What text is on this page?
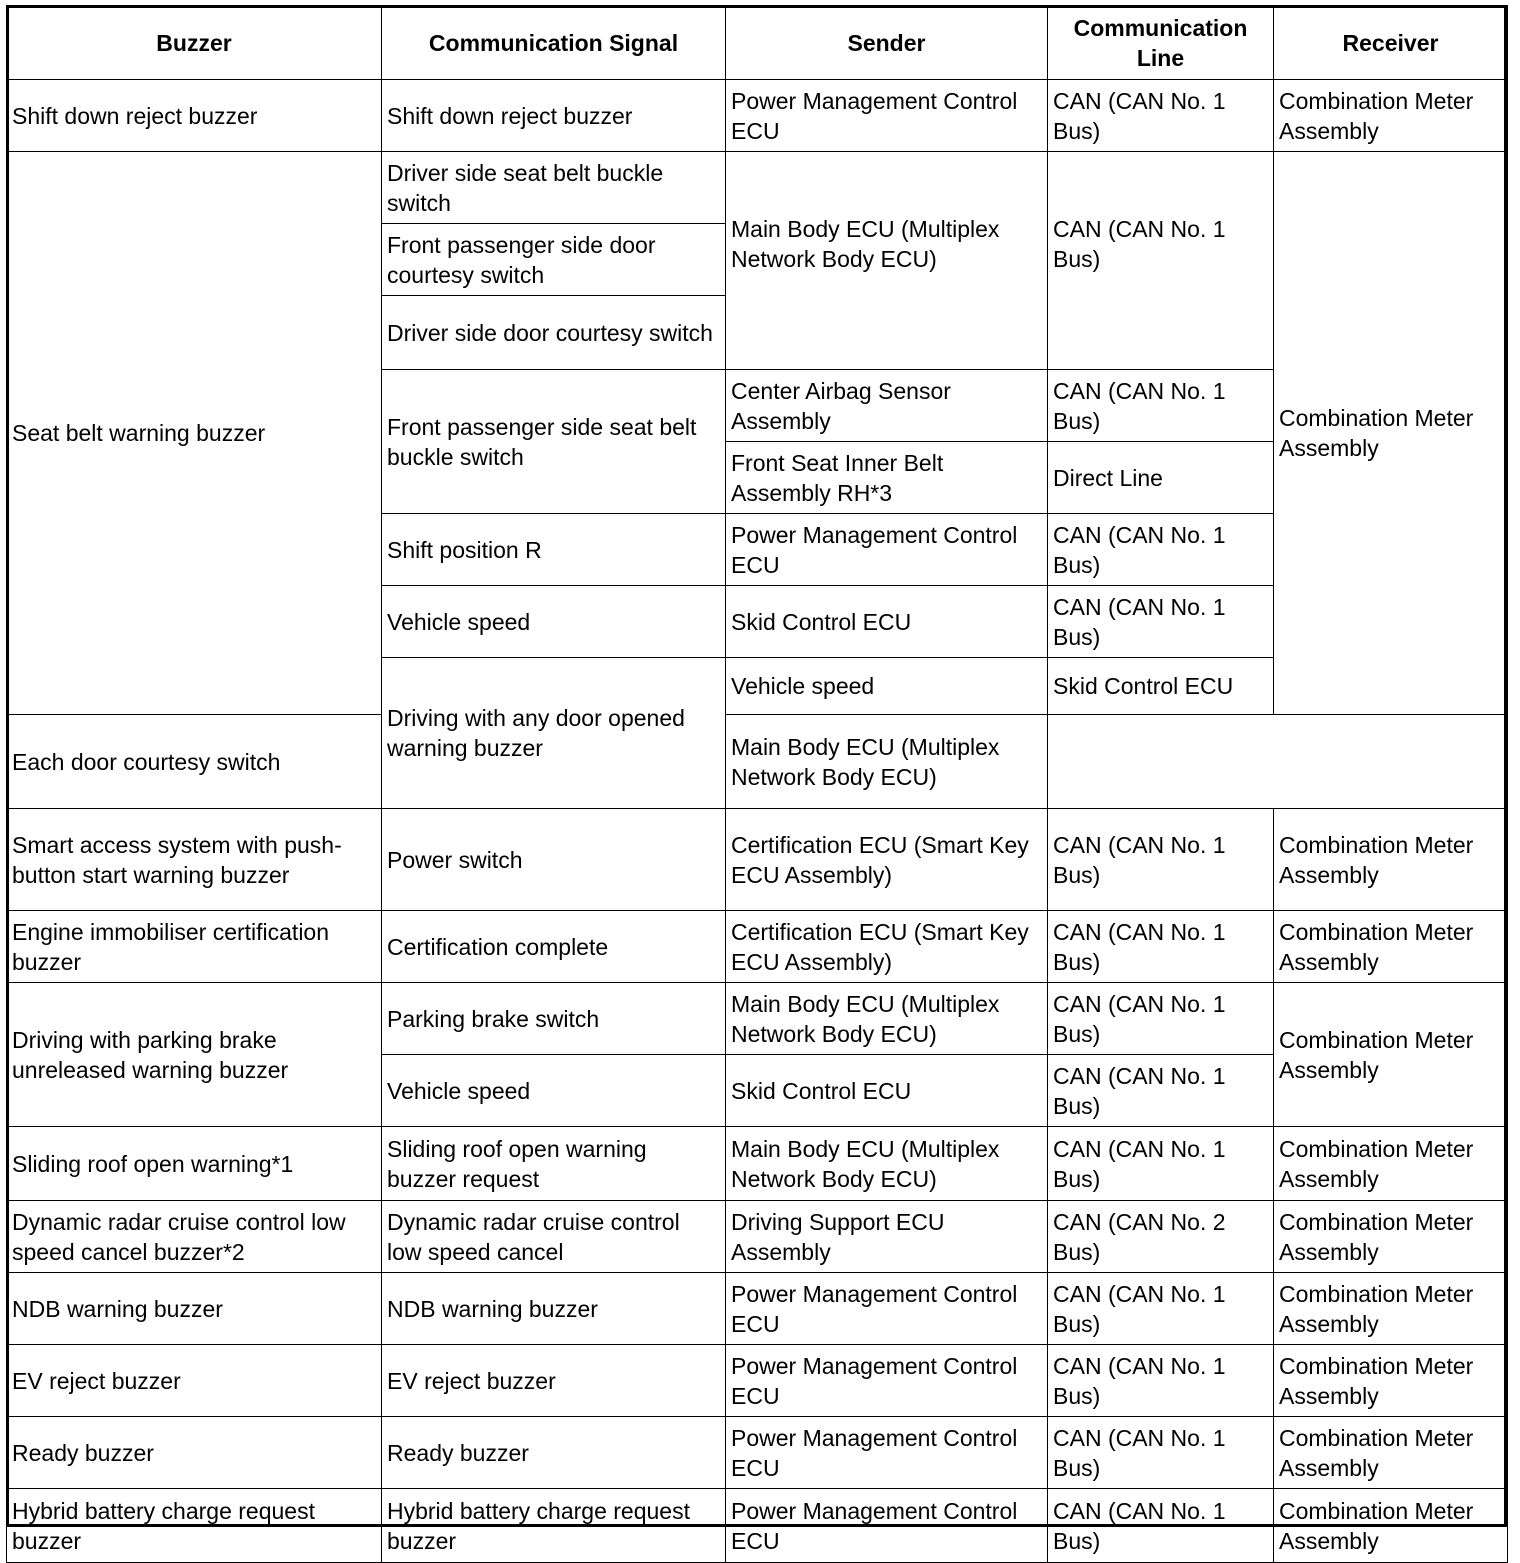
Buzzer	Communication Signal	Sender	Communication Line	Receiver	
Shift down reject buzzer	Shift down reject buzzer	Power Management Control ECU	CAN (CAN No. 1 Bus)	Combination Meter Assembly	
Seat belt warning buzzer	Driver side seat belt buckle switch	Main Body ECU (Multiplex Network Body ECU)	CAN (CAN No. 1 Bus)	Combination Meter Assembly	
	Front passenger side door courtesy switch				
	Driver side door courtesy switch				
	Front passenger side seat belt buckle switch	Center Airbag Sensor Assembly	CAN (CAN No. 1 Bus)		
		Front Seat Inner Belt Assembly RH*3	Direct Line		
	Shift position R	Power Management Control ECU	CAN (CAN No. 1 Bus)		
	Vehicle speed	Skid Control ECU	CAN (CAN No. 1 Bus)		
	Driving with any door opened warning buzzer	Vehicle speed	Skid Control ECU		
Each door courtesy switch		Main Body ECU (Multiplex Network Body ECU)			
Smart access system with push-button start warning buzzer	Power switch	Certification ECU (Smart Key ECU Assembly)	CAN (CAN No. 1 Bus)	Combination Meter Assembly	
Engine immobiliser certification buzzer	Certification complete	Certification ECU (Smart Key ECU Assembly)	CAN (CAN No. 1 Bus)	Combination Meter Assembly	
Driving with parking brake unreleased warning buzzer	Parking brake switch	Main Body ECU (Multiplex Network Body ECU)	CAN (CAN No. 1 Bus)	Combination Meter Assembly	
	Vehicle speed	Skid Control ECU	CAN (CAN No. 1 Bus)		
Sliding roof open warning*1	Sliding roof open warning buzzer request	Main Body ECU (Multiplex Network Body ECU)	CAN (CAN No. 1 Bus)	Combination Meter Assembly	
Dynamic radar cruise control low speed cancel buzzer*2	Dynamic radar cruise control low speed cancel	Driving Support ECU Assembly	CAN (CAN No. 2 Bus)	Combination Meter Assembly	
NDB warning buzzer	NDB warning buzzer	Power Management Control ECU	CAN (CAN No. 1 Bus)	Combination Meter Assembly	
EV reject buzzer	EV reject buzzer	Power Management Control ECU	CAN (CAN No. 1 Bus)	Combination Meter Assembly	
Ready buzzer	Ready buzzer	Power Management Control ECU	CAN (CAN No. 1 Bus)	Combination Meter Assembly	
Hybrid battery charge request buzzer	Hybrid battery charge request buzzer	Power Management Control ECU	CAN (CAN No. 1 Bus)	Combination Meter Assembly	
